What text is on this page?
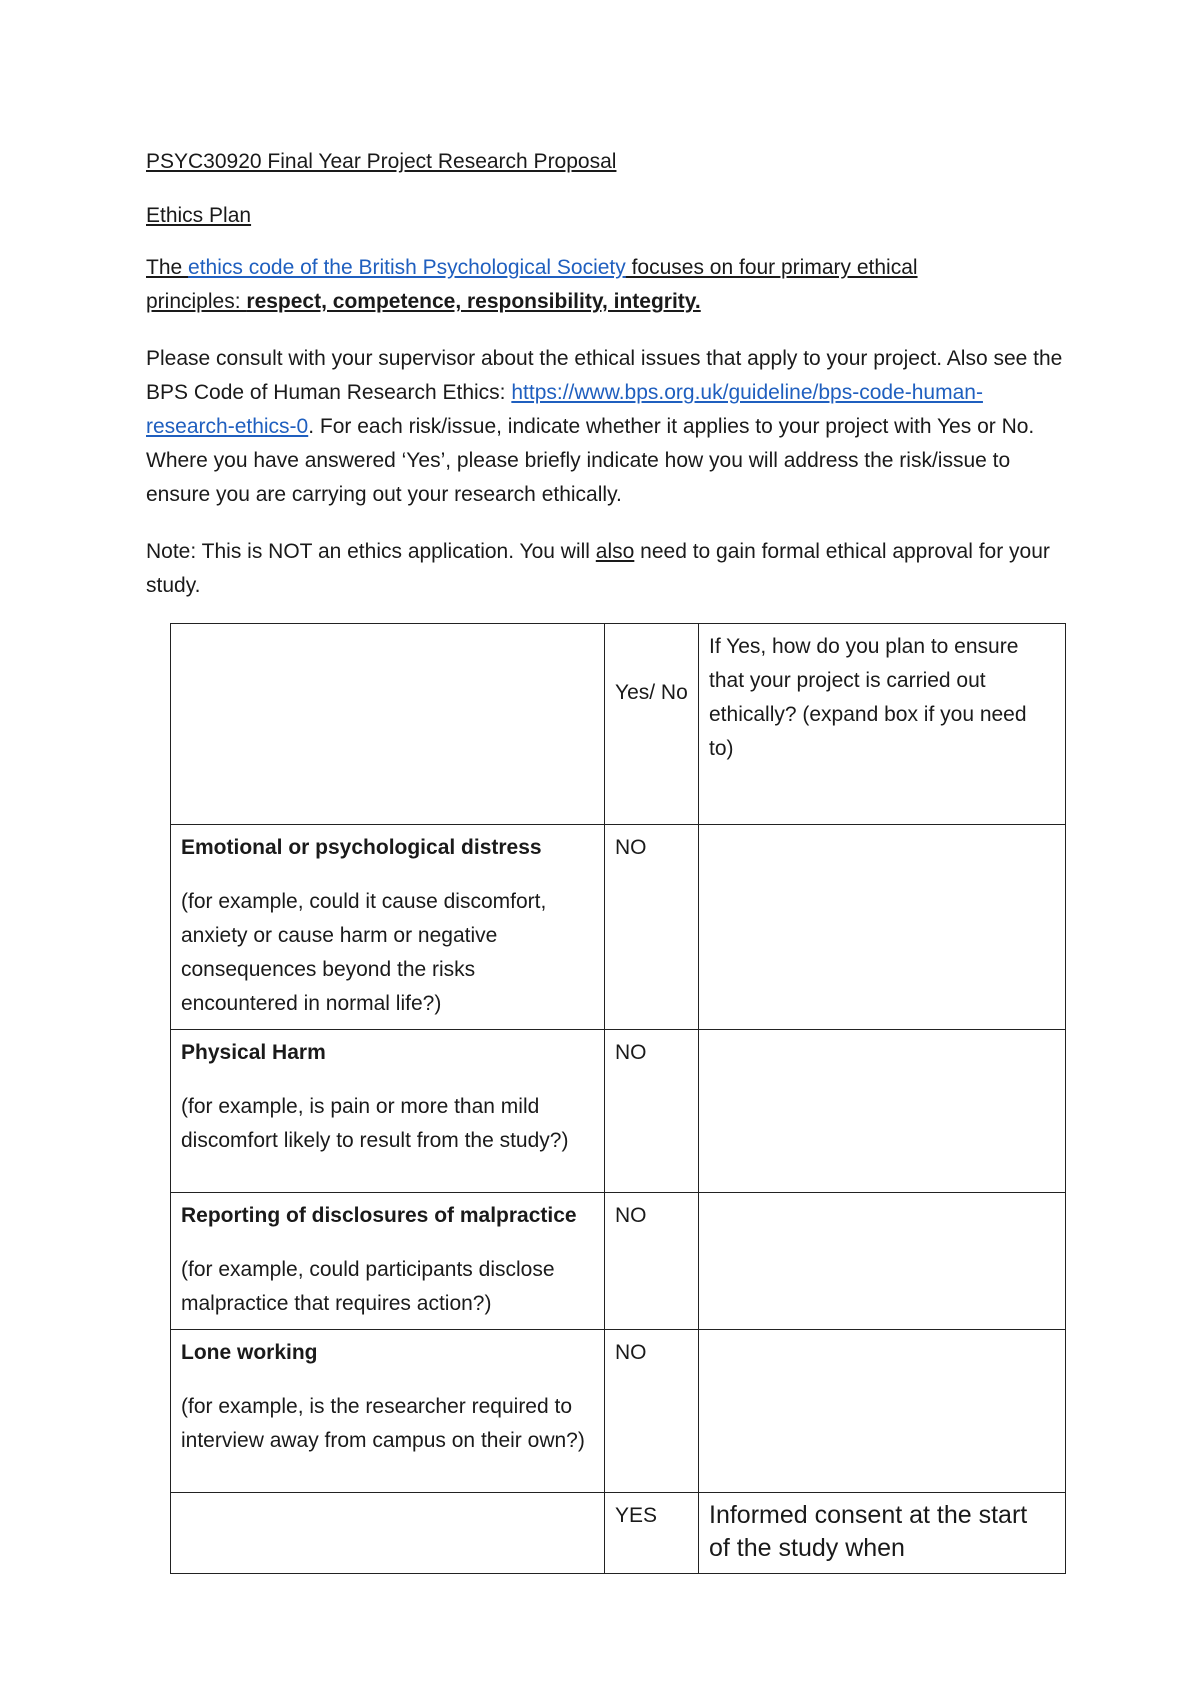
PSYC30920 Final Year Project Research Proposal

Ethics Plan

The ethics code of the British Psychological Society focuses on four primary ethical principles: respect, competence, responsibility, integrity.

Please consult with your supervisor about the ethical issues that apply to your project. Also see the BPS Code of Human Research Ethics: https://www.bps.org.uk/guideline/bps-code-human-research-ethics-0. For each risk/issue, indicate whether it applies to your project with Yes or No. Where you have answered ‘Yes’, please briefly indicate how you will address the risk/issue to ensure you are carrying out your research ethically.

Note: This is NOT an ethics application. You will also need to gain formal ethical approval for your study.

	Yes/ No	If Yes, how do you plan to ensure that your project is carried out ethically? (expand box if you need to)

Emotional or psychological distress

(for example, could it cause discomfort, anxiety or cause harm or negative consequences beyond the risks encountered in normal life?)	NO	

Physical Harm

(for example, is pain or more than mild discomfort likely to result from the study?)	NO	

Reporting of disclosures of malpractice

(for example, could participants disclose malpractice that requires action?)	NO	

Lone working

(for example, is the researcher required to interview away from campus on their own?)	NO	

	YES	Informed consent at the start of the study when
